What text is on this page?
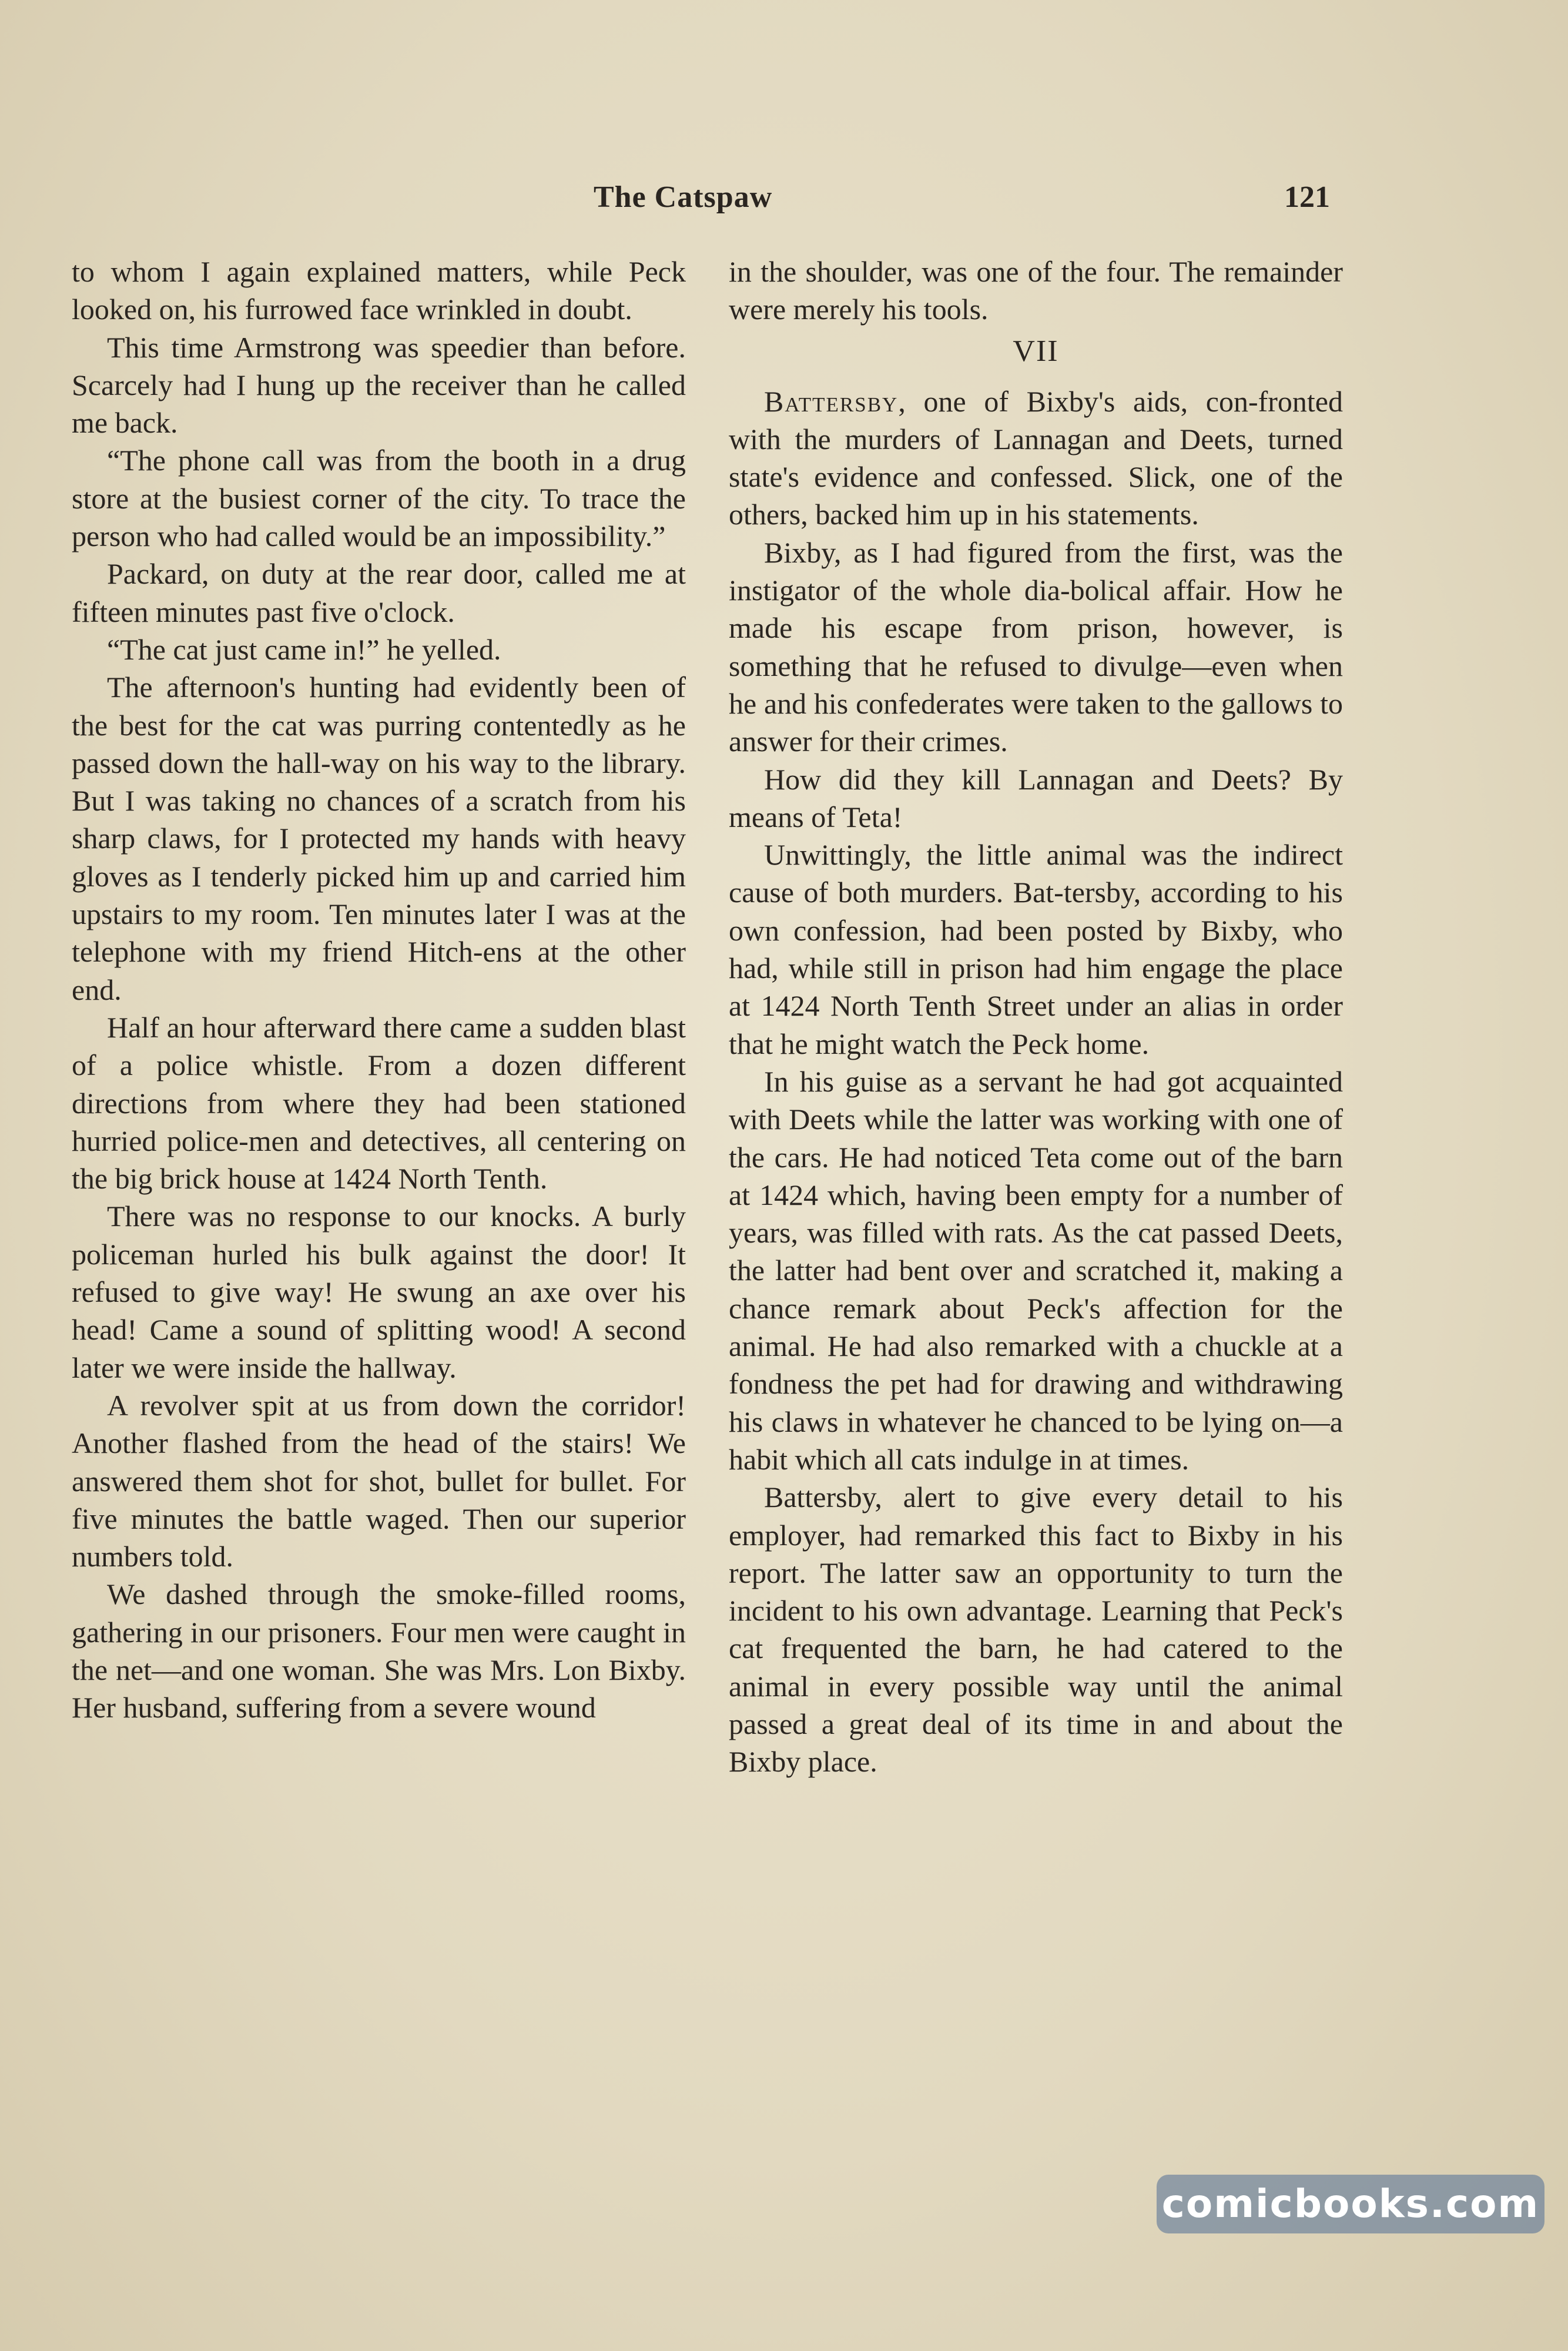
The Catspaw	121

to whom I again explained matters, while Peck looked on, his furrowed face wrinkled in doubt.

This time Armstrong was speedier than before. Scarcely had I hung up the receiver than he called me back.

“The phone call was from the booth in a drug store at the busiest corner of the city. To trace the person who had called would be an impossibility.”

Packard, on duty at the rear door, called me at fifteen minutes past five o'clock.

“The cat just came in!” he yelled.

The afternoon's hunting had evidently been of the best for the cat was purring contentedly as he passed down the hall-way on his way to the library. But I was taking no chances of a scratch from his sharp claws, for I protected my hands with heavy gloves as I tenderly picked him up and carried him upstairs to my room. Ten minutes later I was at the telephone with my friend Hitch-ens at the other end.

Half an hour afterward there came a sudden blast of a police whistle. From a dozen different directions from where they had been stationed hurried police-men and detectives, all centering on the big brick house at 1424 North Tenth.

There was no response to our knocks. A burly policeman hurled his bulk against the door! It refused to give way! He swung an axe over his head! Came a sound of splitting wood! A second later we were inside the hallway.

A revolver spit at us from down the corridor! Another flashed from the head of the stairs! We answered them shot for shot, bullet for bullet. For five minutes the battle waged. Then our superior numbers told.

We dashed through the smoke-filled rooms, gathering in our prisoners. Four men were caught in the net—and one woman. She was Mrs. Lon Bixby. Her husband, suffering from a severe wound

in the shoulder, was one of the four. The remainder were merely his tools.

VII

Battersby, one of Bixby's aids, con-fronted with the murders of Lannagan and Deets, turned state's evidence and confessed. Slick, one of the others, backed him up in his statements.

Bixby, as I had figured from the first, was the instigator of the whole dia-bolical affair. How he made his escape from prison, however, is something that he refused to divulge—even when he and his confederates were taken to the gallows to answer for their crimes.

How did they kill Lannagan and Deets? By means of Teta!

Unwittingly, the little animal was the indirect cause of both murders. Bat-tersby, according to his own confession, had been posted by Bixby, who had, while still in prison had him engage the place at 1424 North Tenth Street under an alias in order that he might watch the Peck home.

In his guise as a servant he had got acquainted with Deets while the latter was working with one of the cars. He had noticed Teta come out of the barn at 1424 which, having been empty for a number of years, was filled with rats. As the cat passed Deets, the latter had bent over and scratched it, making a chance remark about Peck's affection for the animal. He had also remarked with a chuckle at a fondness the pet had for drawing and withdrawing his claws in whatever he chanced to be lying on—a habit which all cats indulge in at times.

Battersby, alert to give every detail to his employer, had remarked this fact to Bixby in his report. The latter saw an opportunity to turn the incident to his own advantage. Learning that Peck's cat frequented the barn, he had catered to the animal in every possible way until the animal passed a great deal of its time in and about the Bixby place.

comicbooks.com
